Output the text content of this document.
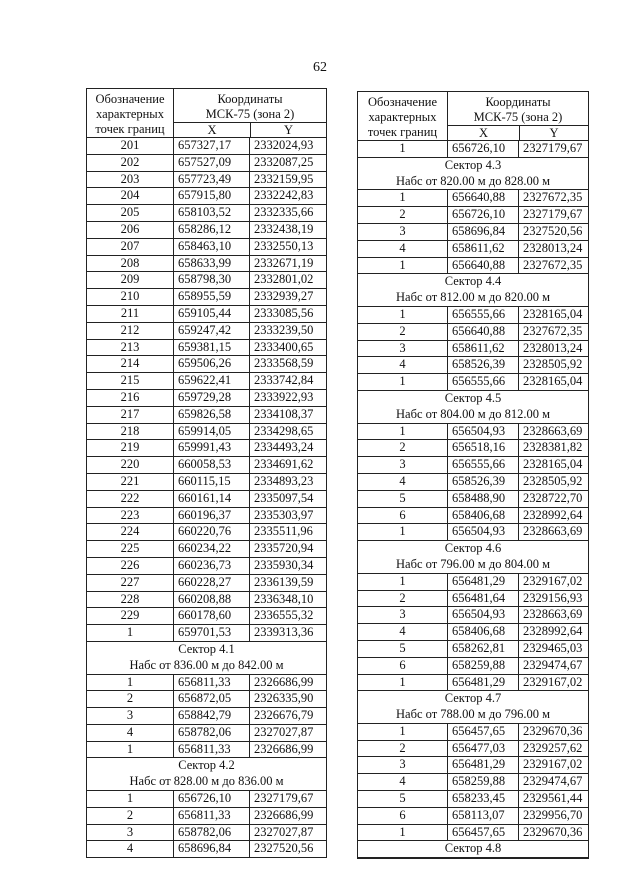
62
Обозначение
характерных
точек границ
Координаты
МСК-75 (зона 2)
X	Y
201	657327,17	2332024,93
202	657527,09	2332087,25
203	657723,49	2332159,95
204	657915,80	2332242,83
205	658103,52	2332335,66
206	658286,12	2332438,19
207	658463,10	2332550,13
208	658633,99	2332671,19
209	658798,30	2332801,02
210	658955,59	2332939,27
211	659105,44	2333085,56
212	659247,42	2333239,50
213	659381,15	2333400,65
214	659506,26	2333568,59
215	659622,41	2333742,84
216	659729,28	2333922,93
217	659826,58	2334108,37
218	659914,05	2334298,65
219	659991,43	2334493,24
220	660058,53	2334691,62
221	660115,15	2334893,23
222	660161,14	2335097,54
223	660196,37	2335303,97
224	660220,76	2335511,96
225	660234,22	2335720,94
226	660236,73	2335930,34
227	660228,27	2336139,59
228	660208,88	2336348,10
229	660178,60	2336555,32
1	659701,53	2339313,36
Сектор 4.1
Набс от 836.00 м до 842.00 м
1	656811,33	2326686,99
2	656872,05	2326335,90
3	658842,79	2326676,79
4	658782,06	2327027,87
1	656811,33	2326686,99
Сектор 4.2
Набс от 828.00 м до 836.00 м
1	656726,10	2327179,67
2	656811,33	2326686,99
3	658782,06	2327027,87
4	658696,84	2327520,56
Обозначение
характерных
точек границ
Координаты
МСК-75 (зона 2)
X	Y
1	656726,10	2327179,67
Сектор 4.3
Набс от 820.00 м до 828.00 м
1	656640,88	2327672,35
2	656726,10	2327179,67
3	658696,84	2327520,56
4	658611,62	2328013,24
1	656640,88	2327672,35
Сектор 4.4
Набс от 812.00 м до 820.00 м
1	656555,66	2328165,04
2	656640,88	2327672,35
3	658611,62	2328013,24
4	658526,39	2328505,92
1	656555,66	2328165,04
Сектор 4.5
Набс от 804.00 м до 812.00 м
1	656504,93	2328663,69
2	656518,16	2328381,82
3	656555,66	2328165,04
4	658526,39	2328505,92
5	658488,90	2328722,70
6	658406,68	2328992,64
1	656504,93	2328663,69
Сектор 4.6
Набс от 796.00 м до 804.00 м
1	656481,29	2329167,02
2	656481,64	2329156,93
3	656504,93	2328663,69
4	658406,68	2328992,64
5	658262,81	2329465,03
6	658259,88	2329474,67
1	656481,29	2329167,02
Сектор 4.7
Набс от 788.00 м до 796.00 м
1	656457,65	2329670,36
2	656477,03	2329257,62
3	656481,29	2329167,02
4	658259,88	2329474,67
5	658233,45	2329561,44
6	658113,07	2329956,70
1	656457,65	2329670,36
Сектор 4.8
